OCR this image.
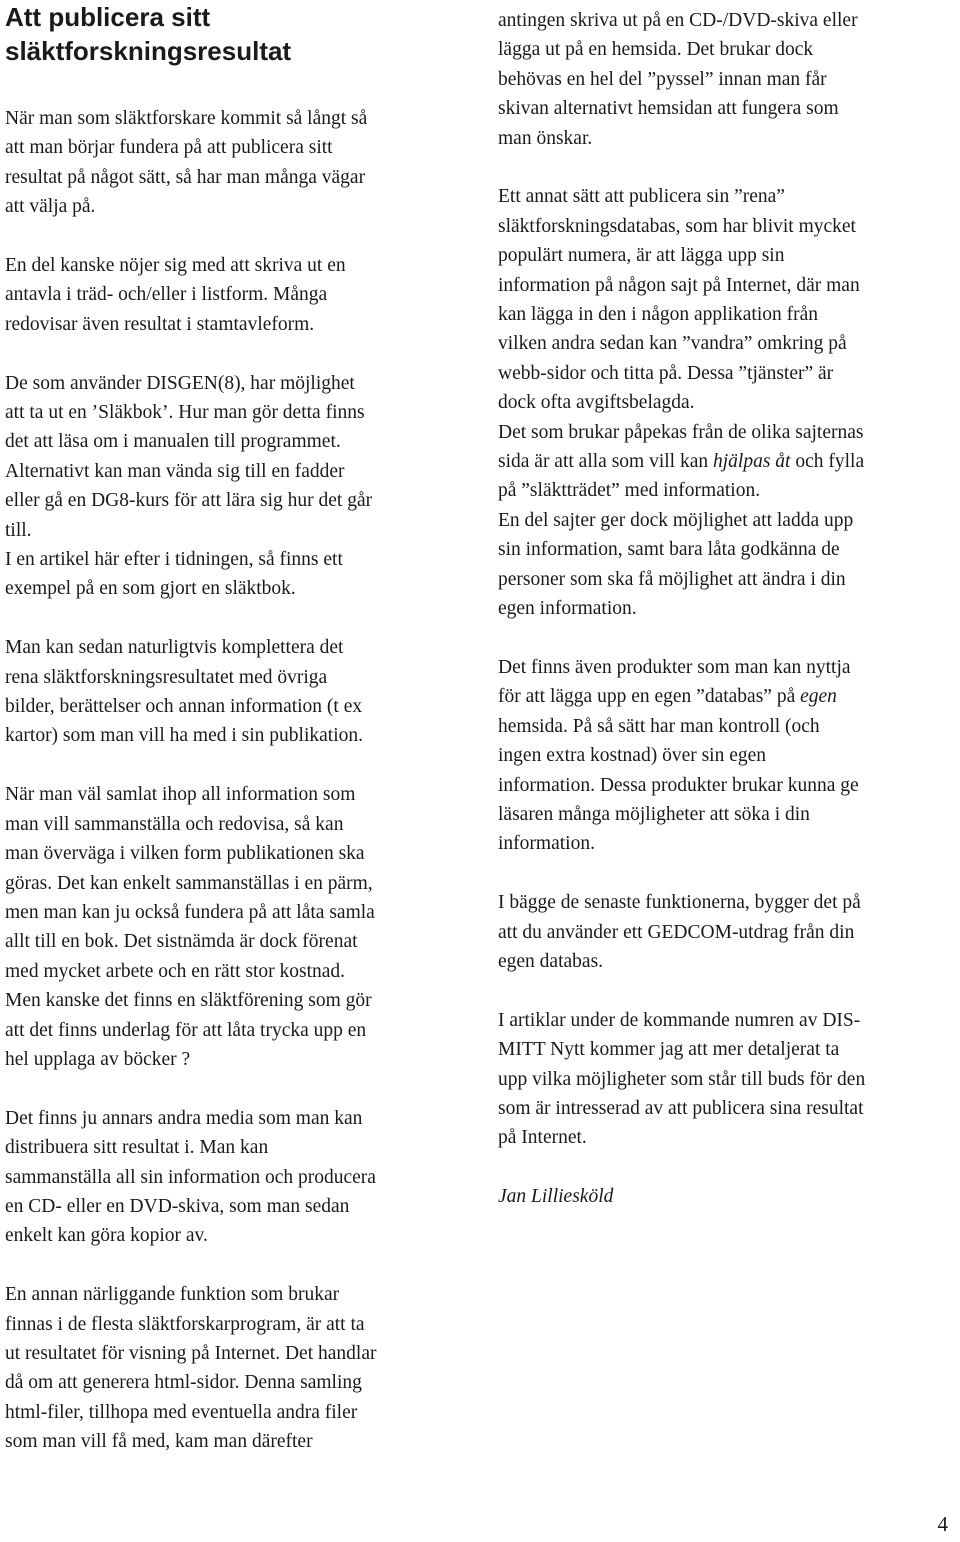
Att publicera sitt
släktforskningsresultat

När man som släktforskare kommit så långt så
att man börjar fundera på att publicera sitt
resultat på något sätt, så har man många vägar
att välja på.

En del kanske nöjer sig med att skriva ut en
antavla i träd- och/eller i listform. Många
redovisar även resultat i stamtavleform.

De som använder DISGEN(8), har möjlighet
att ta ut en ’Släkbok’. Hur man gör detta finns
det att läsa om i manualen till programmet.
Alternativt kan man vända sig till en fadder
eller gå en DG8-kurs för att lära sig hur det går
till.
I en artikel här efter i tidningen, så finns ett
exempel på en som gjort en släktbok.

Man kan sedan naturligtvis komplettera det
rena släktforskningsresultatet med övriga
bilder, berättelser och annan information (t ex
kartor) som man vill ha med i sin publikation.

När man väl samlat ihop all information som
man vill sammanställa och redovisa, så kan
man överväga i vilken form publikationen ska
göras. Det kan enkelt sammanställas i en pärm,
men man kan ju också fundera på att låta samla
allt till en bok. Det sistnämda är dock förenat
med mycket arbete och en rätt stor kostnad.
Men kanske det finns en släktförening som gör
att det finns underlag för att låta trycka upp en
hel upplaga av böcker ?

Det finns ju annars andra media som man kan
distribuera sitt resultat i. Man kan
sammanställa all sin information och producera
en CD- eller en DVD-skiva, som man sedan
enkelt kan göra kopior av.

En annan närliggande funktion som brukar
finnas i de flesta släktforskarprogram, är att ta
ut resultatet för visning på Internet. Det handlar
då om att generera html-sidor. Denna samling
html-filer, tillhopa med eventuella andra filer
som man vill få med, kam man därefter

antingen skriva ut på en CD-/DVD-skiva eller
lägga ut på en hemsida. Det brukar dock
behövas en hel del ”pyssel” innan man får
skivan alternativt hemsidan att fungera som
man önskar.

Ett annat sätt att publicera sin ”rena”
släktforskningsdatabas, som har blivit mycket
populärt numera, är att lägga upp sin
information på någon sajt på Internet, där man
kan lägga in den i någon applikation från
vilken andra sedan kan ”vandra” omkring på
webb-sidor och titta på. Dessa ”tjänster” är
dock ofta avgiftsbelagda.

Det som brukar påpekas från de olika sajternas
sida är att alla som vill kan hjälpas åt och fylla
på ”släktträdet” med information.
En del sajter ger dock möjlighet att ladda upp
sin information, samt bara låta godkänna de
personer som ska få möjlighet att ändra i din
egen information.

Det finns även produkter som man kan nyttja
för att lägga upp en egen ”databas” på egen
hemsida. På så sätt har man kontroll (och
ingen extra kostnad) över sin egen
information. Dessa produkter brukar kunna ge
läsaren många möjligheter att söka i din
information.

I bägge de senaste funktionerna, bygger det på
att du använder ett GEDCOM-utdrag från din
egen databas.

I artiklar under de kommande numren av DIS-
MITT Nytt kommer jag att mer detaljerat ta
upp vilka möjligheter som står till buds för den
som är intresserad av att publicera sina resultat
på Internet.

Jan Lilliesköld

4
